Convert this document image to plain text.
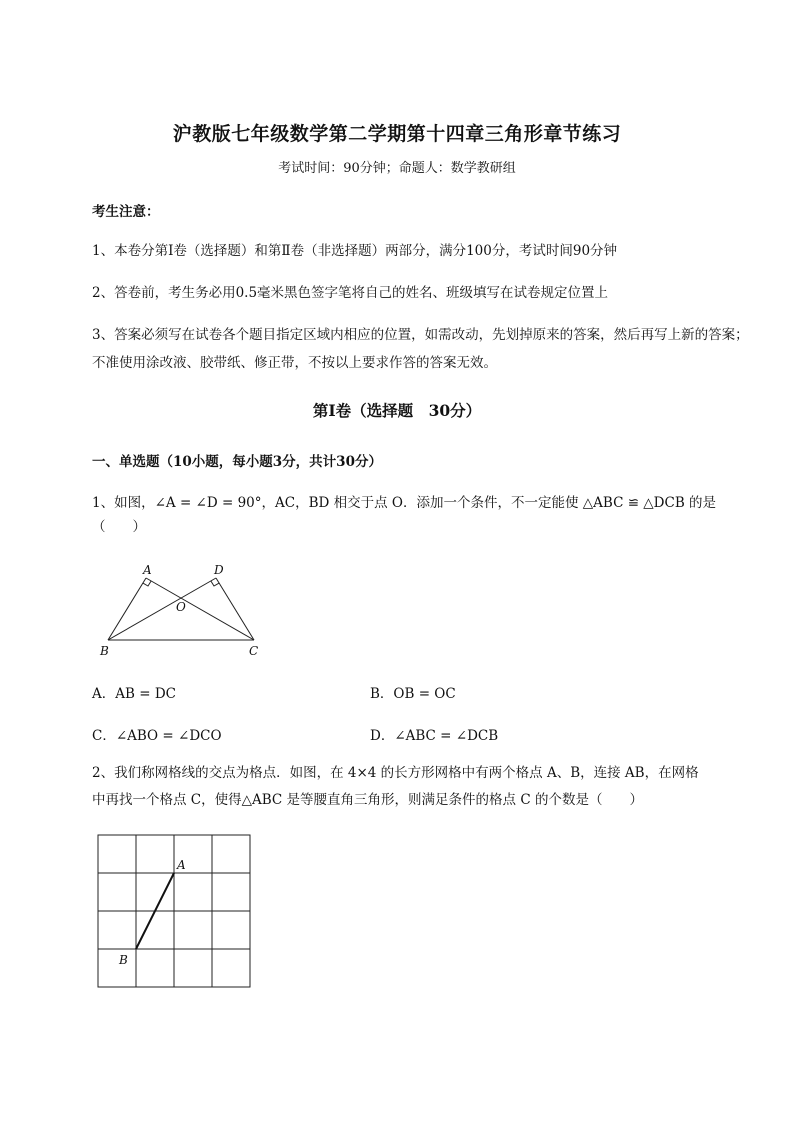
沪教版七年级数学第二学期第十四章三角形章节练习
考试时间：90分钟；命题人：数学教研组
考生注意：
1、本卷分第Ⅰ卷（选择题）和第Ⅱ卷（非选择题）两部分，满分100分，考试时间90分钟
2、答卷前，考生务必用0.5毫米黑色签字笔将自己的姓名、班级填写在试卷规定位置上
3、答案必须写在试卷各个题目指定区域内相应的位置，如需改动，先划掉原来的答案，然后再写上新的答案；不准使用涂改液、胶带纸、修正带，不按以上要求作答的答案无效。
第Ⅰ卷（选择题　30分）
一、单选题（10小题，每小题3分，共计30分）
1、如图，∠A = ∠D = 90°，AC，BD 相交于点 O．添加一个条件，不一定能使 △ABC ≌ △DCB 的是
（　　）
A	D
O
B	C
A．AB = DC	B．OB = OC
C．∠ABO = ∠DCO	D．∠ABC = ∠DCB
2、我们称网格线的交点为格点．如图，在 4×4 的长方形网格中有两个格点 A、B，连接 AB，在网格
中再找一个格点 C，使得△ABC 是等腰直角三角形，则满足条件的格点 C 的个数是（　　）
A
B
